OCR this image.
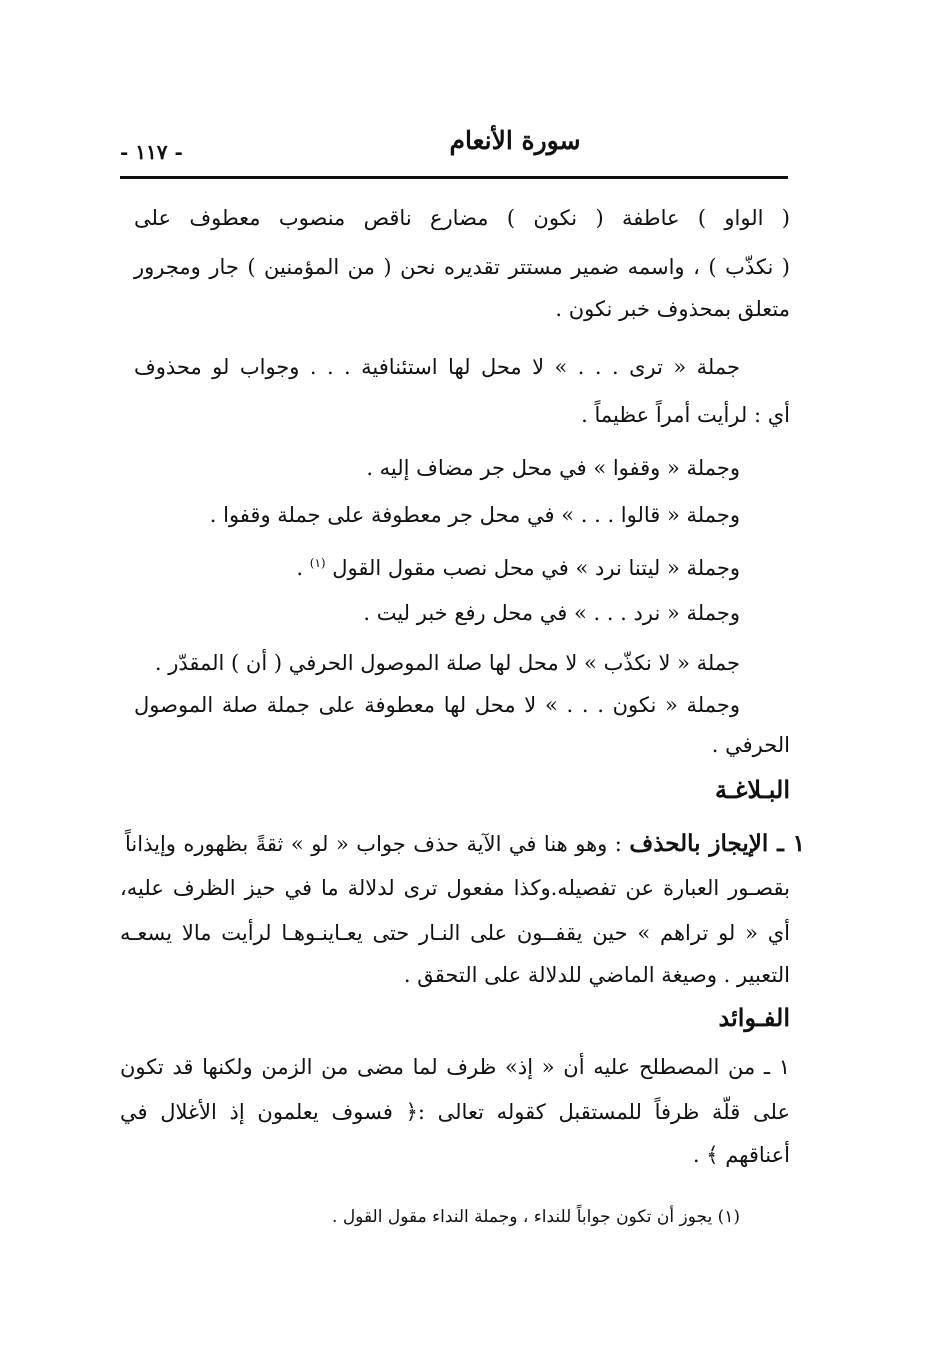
سورة الأنعام
- ١١٧ -
( الواو ) عاطفة ( نكون ) مضارع ناقص منصوب معطوف على
( نكذّب ) ، واسمه ضمير مستتر تقديره نحن ( من المؤمنين ) جار ومجرور
متعلق بمحذوف خبر نكون .
جملة « ترى . . . » لا محل لها استئنافية . . . وجواب لو محذوف
أي : لرأيت أمراً عظيماً .
وجملة « وقفوا » في محل جر مضاف إليه .
وجملة « قالوا . . . » في محل جر معطوفة على جملة وقفوا .
وجملة « ليتنا نرد » في محل نصب مقول القول $^{(١)}$ .
وجملة « نرد . . . » في محل رفع خبر ليت .
جملة « لا نكذّب » لا محل لها صلة الموصول الحرفي ( أن ) المقدّر .
وجملة « نكون . . . » لا محل لها معطوفة على جملة صلة الموصول
الحرفي .
البـلاغـة
١ ـ الإيجاز بالحذف : وهو هنا في الآية حذف جواب « لو » ثقةً بظهوره وإيذاناً
بقصـور العبارة عن تفصيله.وكذا مفعول ترى لدلالة ما في حيز الظرف عليه،
أي « لو تراهم » حين يقفــون على النـار حتى يعـاينـوهـا لرأيت مالا يسعـه
التعبير . وصيغة الماضي للدلالة على التحقق .
الفـوائد
١ ـ من المصطلح عليه أن « إذ» ظرف لما مضى من الزمن ولكنها قد تكون
على قلّة ظرفاً للمستقبل كقوله تعالى :﴿ فسوف يعلمون إذ الأغلال في
أعناقهم ﴾ .
(١) يجوز أن تكون جواباً للنداء ، وجملة النداء مقول القول .
